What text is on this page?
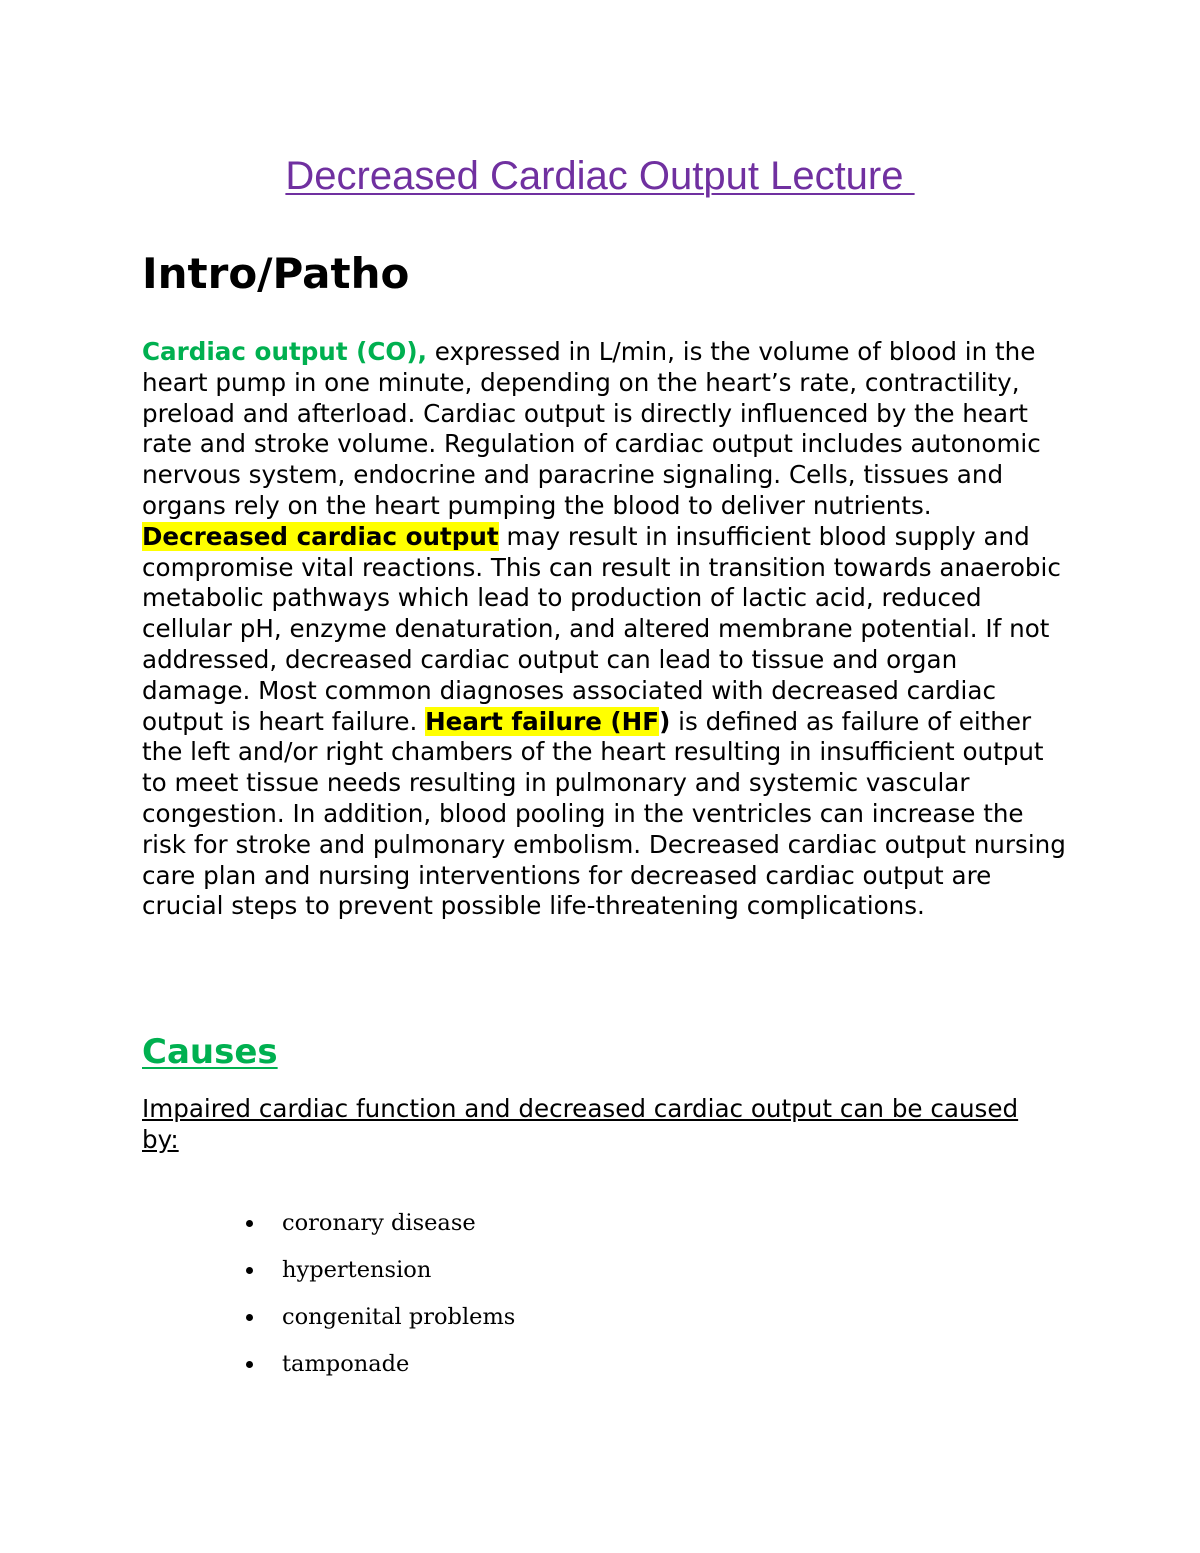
Decreased Cardiac Output Lecture
Intro/Patho

Cardiac output (CO), expressed in L/min, is the volume of blood in the heart pump in one minute, depending on the heart’s rate, contractility, preload and afterload. Cardiac output is directly influenced by the heart rate and stroke volume. Regulation of cardiac output includes autonomic nervous system, endocrine and paracrine signaling. Cells, tissues and organs rely on the heart pumping the blood to deliver nutrients. Decreased cardiac output may result in insufficient blood supply and compromise vital reactions. This can result in transition towards anaerobic metabolic pathways which lead to production of lactic acid, reduced cellular pH, enzyme denaturation, and altered membrane potential. If not addressed, decreased cardiac output can lead to tissue and organ damage. Most common diagnoses associated with decreased cardiac output is heart failure. Heart failure (HF) is defined as failure of either the left and/or right chambers of the heart resulting in insufficient output to meet tissue needs resulting in pulmonary and systemic vascular congestion. In addition, blood pooling in the ventricles can increase the risk for stroke and pulmonary embolism. Decreased cardiac output nursing care plan and nursing interventions for decreased cardiac output are crucial steps to prevent possible life-threatening complications.

Causes

Impaired cardiac function and decreased cardiac output can be caused by:

coronary disease
hypertension
congenital problems
tamponade
